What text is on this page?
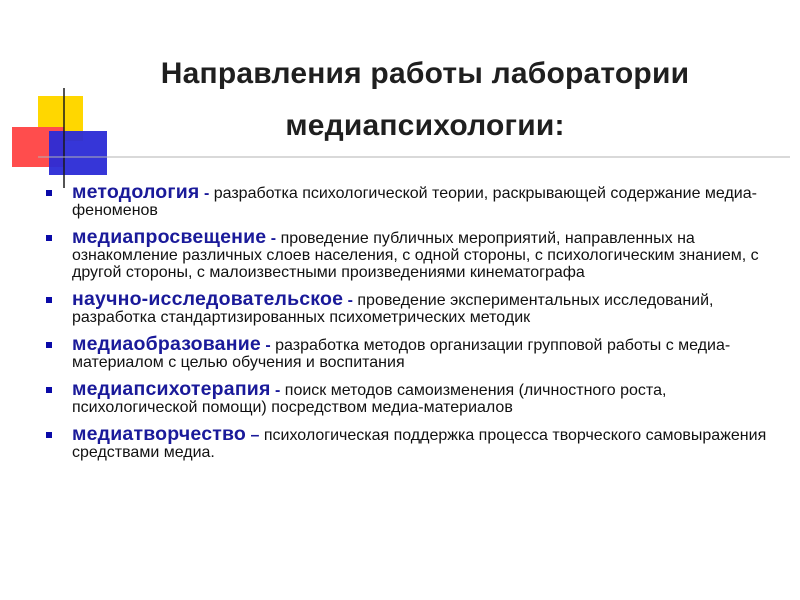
Направления работы лаборатории
медиапсихологии:
методология - разработка психологической теории, раскрывающей содержание медиа-феноменов
медиапросвещение - проведение публичных мероприятий, направленных на ознакомление различных слоев населения, с одной стороны, с психологическим знанием, с другой стороны, с малоизвестными произведениями кинематографа
научно-исследовательское - проведение экспериментальных исследований, разработка стандартизированных психометрических методик
медиаобразование - разработка методов организации групповой работы с медиа-материалом с целью обучения и воспитания
медиапсихотерапия - поиск методов самоизменения (личностного роста, психологической помощи) посредством медиа-материалов
медиатворчество – психологическая поддержка процесса творческого самовыражения средствами медиа.
